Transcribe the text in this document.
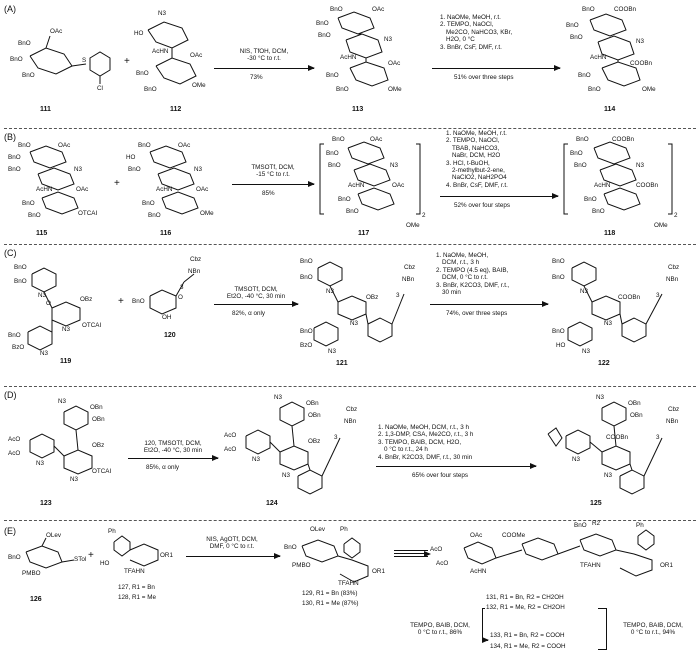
(A)
BnO
OAc
BnO
BnO
S
Cl
111
+
N3
HO
AcHN
OAc
BnO
BnO
OMe
112
NIS, TfOH, DCM,
-30 °C to r.t.
73%
BnO	OAc
BnO
BnO
N3
AcHN
OAc
BnO
BnO	OMe
113
1. NaOMe, MeOH, r.t.
2. TEMPO, NaOCl,
Me2CO, NaHCO3, KBr,
H2O, 0 °C
3. BnBr, CsF, DMF, r.t.
51% over three steps
BnO	COOBn
BnO
BnO
N3
AcHN
COOBn
BnO
BnO	OMe
114
(B)
BnO	OAc
BnO
BnO	N3
AcHN	OAc
BnO
BnO	OTCAI
115
+
BnO	OAc
HO
BnO	N3
AcHN	OAc
BnO
BnO	OMe
116
TMSOTf, DCM,
-15 °C to r.t.
85%
BnO	OAc
BnO
BnO	N3
AcHN	OAc
BnO
BnO
OMe
2
117
1. NaOMe, MeOH, r.t.
2. TEMPO, NaOCl,
TBAB, NaHCO3,
NaBr, DCM, H2O
3. HCl, t-BuOH,
2-methylbut-2-ene,
NaClO2, NaH2PO4
4. BnBr, CsF, DMF, r.t.
52% over four steps
BnO	COOBn
BnO
BnO	N3
AcHN	COOBn
BnO
BnO
OMe
2
118
(C)
BnO
BnO
N3
O
OBz
N3
OTCAI
BnO
BzO
N3
119
+
Cbz
NBn
3
BnO
OH
O
120
TMSOTf, DCM,
Et2O, -40 °C, 30 min
82%, α only
BnO
BnO
N3
OBz
Cbz
NBn
3
N3
BnO
BzO
N3
121
1. NaOMe, MeOH,
DCM, r.t., 3 h
2. TEMPO (4.5 eq), BAIB,
DCM, 0 °C to r.t.
3. BnBr, K2CO3, DMF, r.t.,
30 min
74%, over three steps
BnO
BnO
N3
COOBn
Cbz
NBn
3
N3
BnO
HO
N3
122
(D)
N3
OBn
OBn
AcO
AcO
N3
OBz
N3
OTCAI
123
120, TMSOTf, DCM,
Et2O, -40 °C, 30 min
85%, α only
N3
OBn
OBn
AcO
AcO
N3
OBz
Cbz
NBn
3
N3
124
1. NaOMe, MeOH, DCM, r.t., 3 h
2. 1,3-DMP, CSA, Me2CO, r.t., 3 h
3. TEMPO, BAIB, DCM, H2O,
0 °C to r.t., 24 h
4. BnBr, K2CO3, DMF, r.t., 30 min
65% over four steps
N3
OBn
OBn
N3
COOBn
Cbz
NBn
3
N3
125
(E)	OLev
BnO
PMBO
STol
126
+
Ph
HO
TFAHN
OR1
127, R1 = Bn
128, R1 = Me
NIS, AgOTf, DCM,
DMF, 0 °C to r.t.
OLev
BnO
PMBO
Ph
TFAHN
OR1
129, R1 = Bn (83%)
130, R1 = Me (87%)
BnO R2	Ph
AcO
OAc	COOMe
AcO
AcHN
TFAHN	OR1
131, R1 = Bn, R2 = CH2OH
132, R1 = Me, R2 = CH2OH
TEMPO, BAIB, DCM,
0 °C to r.t., 86%	133, R1 = Bn, R2 = COOH
134, R1 = Me, R2 = COOH
TEMPO, BAIB, DCM,
0 °C to r.t., 94%
